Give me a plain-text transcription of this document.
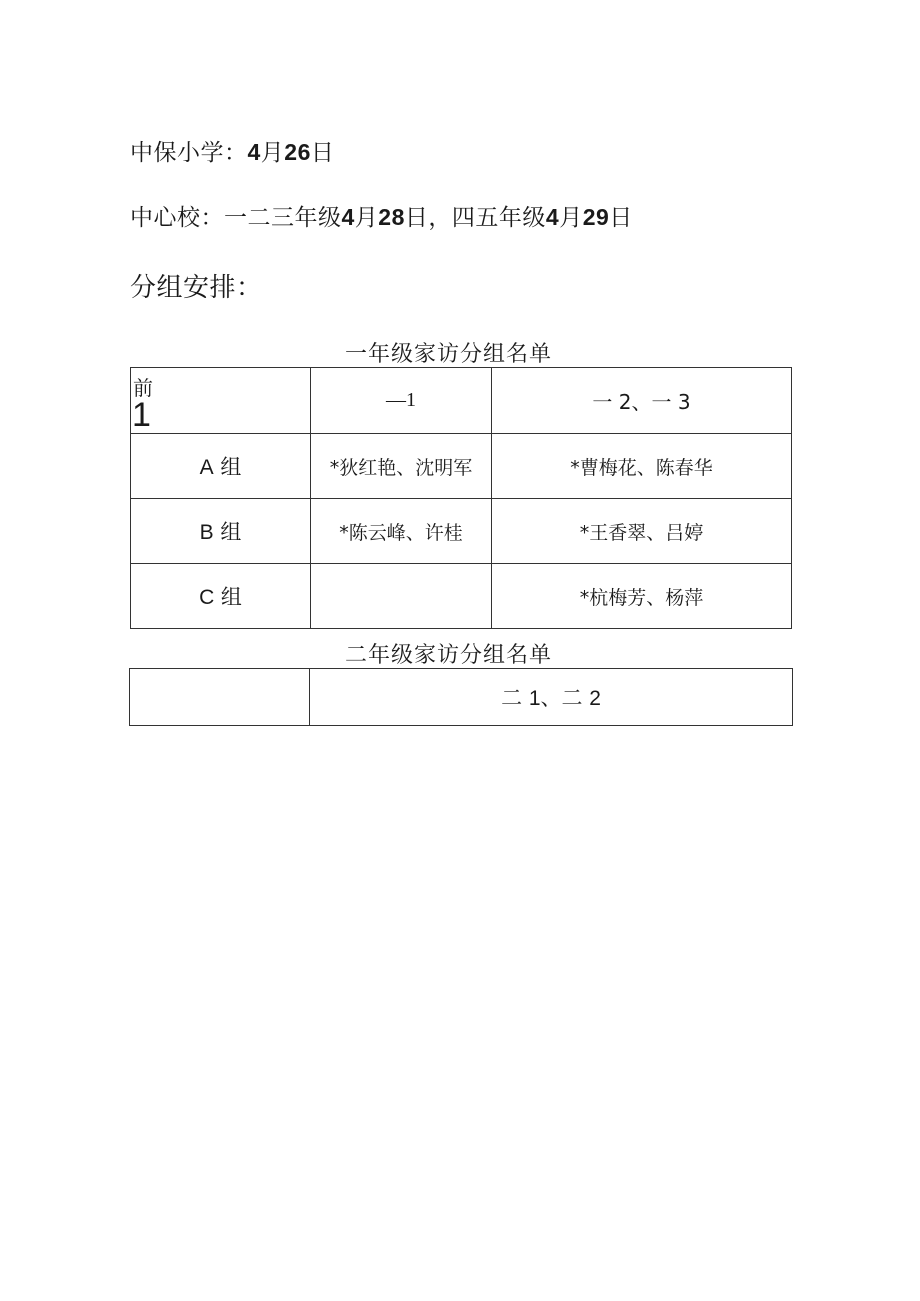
中保小学：4月26日
中心校：一二三年级4月28日，四五年级4月29日
分组安排：
一年级家访分组名单
前
1	—1	一 2、一 3
A 组	*狄红艳、沈明军	*曹梅花、陈春华
B 组	*陈云峰、许桂	*王香翠、吕婷
C 组		*杭梅芳、杨萍
二年级家访分组名单
	二 1、二 2
